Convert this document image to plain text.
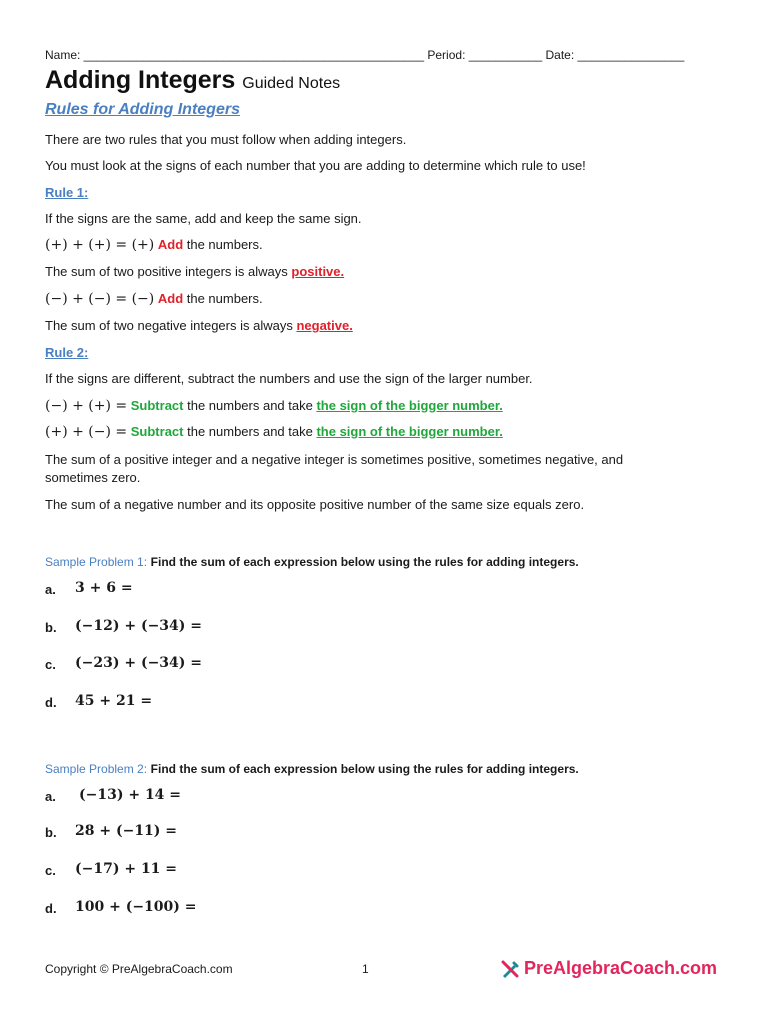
Name: ___________________________________________________ Period: ___________ Date: ________________
Adding Integers Guided Notes
Rules for Adding Integers
There are two rules that you must follow when adding integers.
You must look at the signs of each number that you are adding to determine which rule to use!
Rule 1:
If the signs are the same, add and keep the same sign.
(+) + (+) = (+) Add the numbers.
The sum of two positive integers is always positive.
(−) + (−) = (−) Add the numbers.
The sum of two negative integers is always negative.
Rule 2:
If the signs are different, subtract the numbers and use the sign of the larger number.
(−) + (+) = Subtract the numbers and take the sign of the bigger number.
(+) + (−) = Subtract the numbers and take the sign of the bigger number.
The sum of a positive integer and a negative integer is sometimes positive, sometimes negative, and
sometimes zero.
The sum of a negative number and its opposite positive number of the same size equals zero.
Sample Problem 1: Find the sum of each expression below using the rules for adding integers.
a. 3 + 6 =
b. (−12) + (−34) =
c. (−23) + (−34) =
d. 45 + 21 =
Sample Problem 2: Find the sum of each expression below using the rules for adding integers.
a. (−13) + 14 =
b. 28 + (−11) =
c. (−17) + 11 =
d. 100 + (−100) =
Copyright © PreAlgebraCoach.com	1	PreAlgebraCoach.com
